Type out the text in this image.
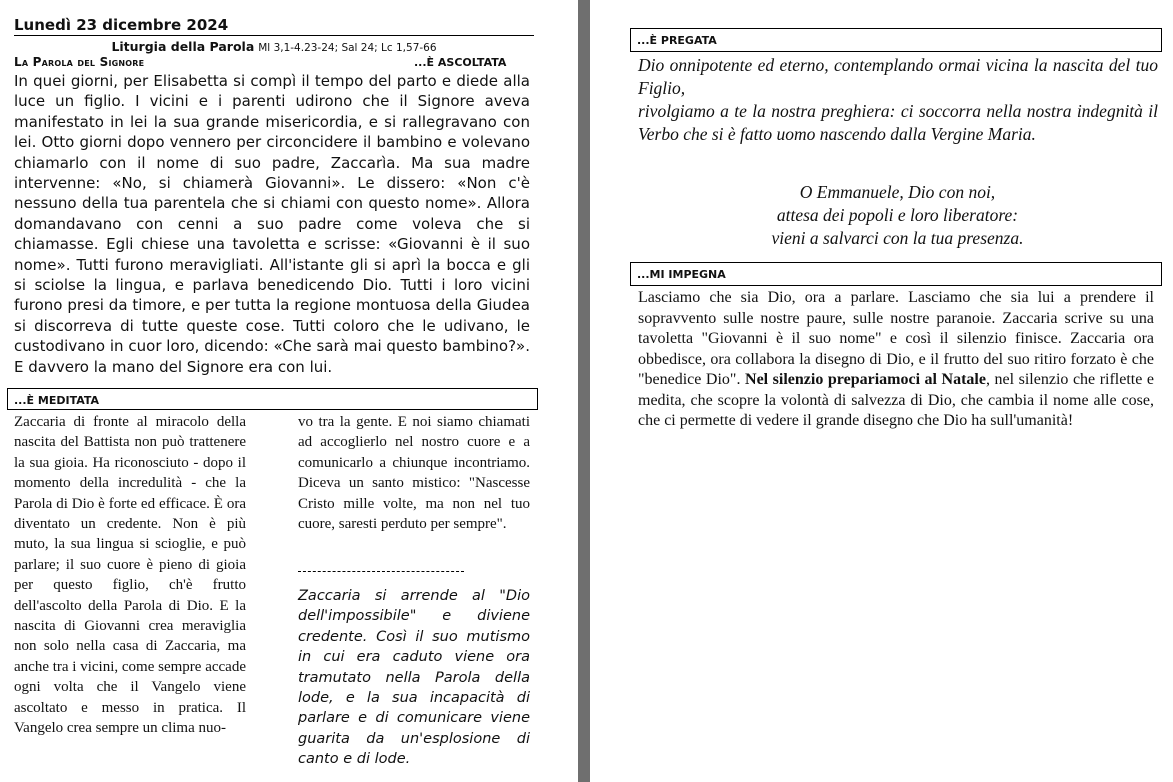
Lunedì 23 dicembre 2024
Liturgia della Parola Ml 3,1-4.23-24; Sal 24; Lc 1,57-66
La Parola del Signore	...È ASCOLTATA
In quei giorni, per Elisabetta si compì il tempo del parto e diede alla luce un figlio. I vicini e i parenti udirono che il Signore aveva manifestato in lei la sua grande misericordia, e si rallegravano con lei. Otto giorni dopo vennero per circoncidere il bambino e volevano chiamarlo con il nome di suo padre, Zaccarìa. Ma sua madre intervenne: «No, si chiamerà Giovanni». Le dissero: «Non c'è nessuno della tua parentela che si chiami con questo nome». Allora domandavano con cenni a suo padre come voleva che si chiamasse. Egli chiese una tavoletta e scrisse: «Giovanni è il suo nome». Tutti furono meravigliati. All'istante gli si aprì la bocca e gli si sciolse la lingua, e parlava benedicendo Dio. Tutti i loro vicini furono presi da timore, e per tutta la regione montuosa della Giudea si discorreva di tutte queste cose. Tutti coloro che le udivano, le custodivano in cuor loro, dicendo: «Che sarà mai questo bambino?». E davvero la mano del Signore era con lui.
...È MEDITATA
Zaccaria di fronte al miracolo della nascita del Battista non può trattenere la sua gioia. Ha riconosciuto - dopo il momento della incredulità - che la Parola di Dio è forte ed efficace. È ora diventato un credente. Non è più muto, la sua lingua si scioglie, e può parlare; il suo cuore è pieno di gioia per questo figlio, ch'è frutto dell'ascolto della Parola di Dio. E la nascita di Giovanni crea meraviglia non solo nella casa di Zaccaria, ma anche tra i vicini, come sempre accade ogni volta che il Vangelo viene ascoltato e messo in pratica. Il Vangelo crea sempre un clima nuo-
vo tra la gente. E noi siamo chiamati ad accoglierlo nel nostro cuore e a comunicarlo a chiunque incontriamo. Diceva un santo mistico: "Nascesse Cristo mille volte, ma non nel tuo cuore, saresti perduto per sempre".
Zaccaria si arrende al "Dio dell'impossibile" e diviene credente. Così il suo mutismo in cui era caduto viene ora tramutato nella Parola della lode, e la sua incapacità di parlare e di comunicare viene guarita da un'esplosione di canto e di lode.
...È PREGATA

Dio onnipotente ed eterno, contemplando ormai vicina la nascita del tuo Figlio,

rivolgiamo a te la nostra preghiera: ci soccorra nella nostra indegnità il Verbo che si è fatto uomo nascendo dalla Vergine Maria.

O Emmanuele, Dio con noi,
attesa dei popoli e loro liberatore:
vieni a salvarci con la tua presenza.
...MI IMPEGNA
Lasciamo che sia Dio, ora a parlare. Lasciamo che sia lui a prendere il sopravvento sulle nostre paure, sulle nostre paranoie. Zaccaria scrive su una tavoletta "Giovanni è il suo nome" e così il silenzio finisce. Zaccaria ora obbedisce, ora collabora la disegno di Dio, e il frutto del suo ritiro forzato è che "benedice Dio". Nel silenzio prepariamoci al Natale, nel silenzio che riflette e medita, che scopre la volontà di salvezza di Dio, che cambia il nome alle cose, che ci permette di vedere il grande disegno che Dio ha sull'umanità!
